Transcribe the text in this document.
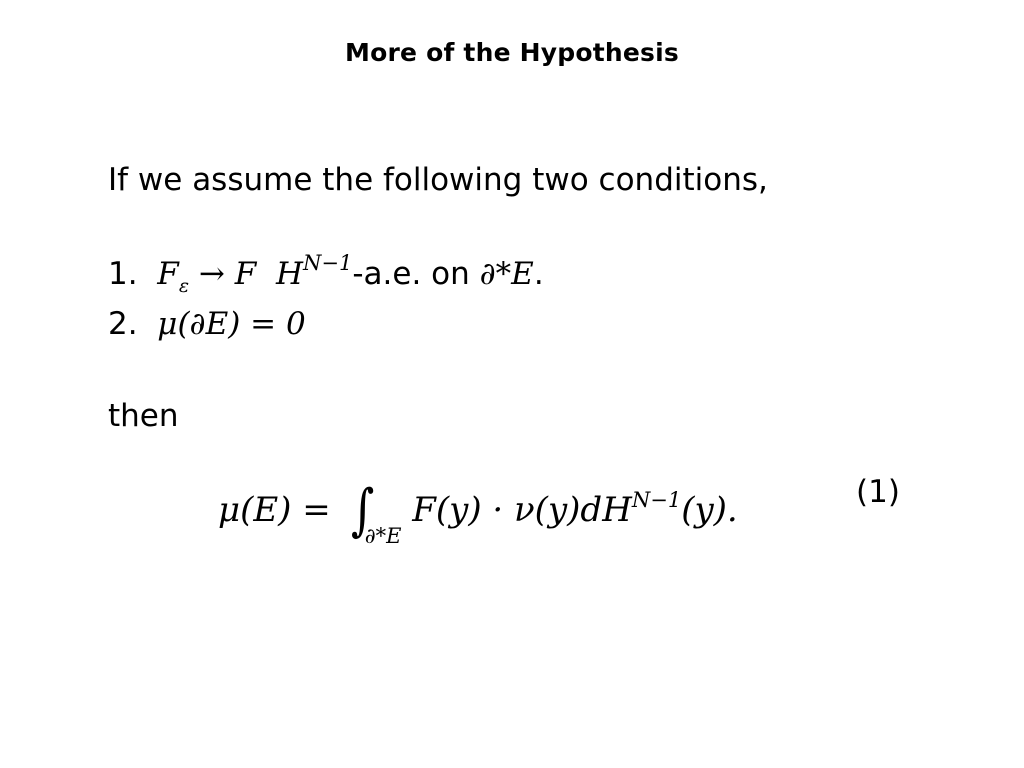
More of the Hypothesis
If we assume the following two conditions,
1. $F_\varepsilon \to F$ $H^{N-1}-a.e$. on ∂*E.
2. μ(∂E) = 0
then
$\mu(E) = \int_{\partial*E}$ $F(y) \cdot \nu(y)dH^{N-1}(y)$.	(1)
